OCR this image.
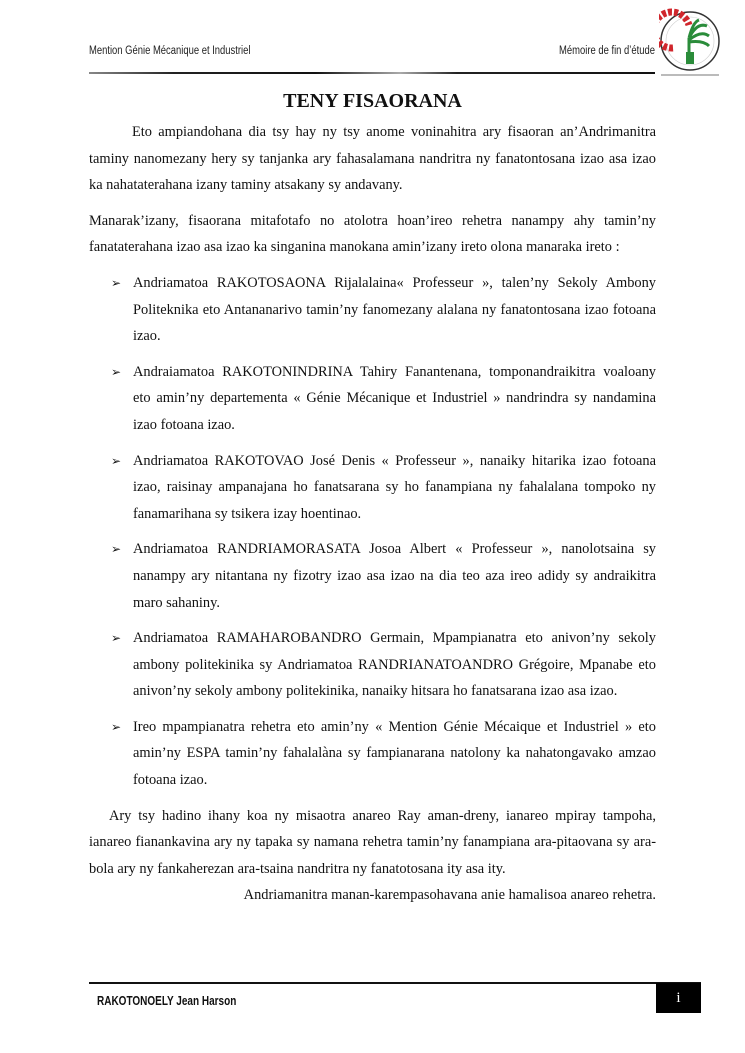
Mention Génie Mécanique et Industriel	Mémoire de fin d’étude
TENY FISAORANA

Eto ampiandohana dia tsy hay ny tsy anome voninahitra ary fisaoran an’Andrimanitra taminy nanomezany hery sy tanjanka ary fahasalamana nandritra ny fanatontosana izao asa izao ka nahataterahana izany taminy atsakany sy andavany.

Manarak’izany, fisaorana mitafotafo no atolotra hoan’ireo rehetra nanampy ahy tamin’ny fanataterahana izao asa izao ka singanina manokana amin’izany ireto olona manaraka ireto :

➢ Andriamatoa RAKOTOSAONA Rijalalaina« Professeur », talen’ny Sekoly Ambony Politeknika eto Antananarivo tamin’ny fanomezany alalana ny fanatontosana izao fotoana izao.
➢ Andraiamatoa RAKOTONINDRINA Tahiry Fanantenana, tomponandraikitra voaloany eto amin’ny departementa « Génie Mécanique et Industriel » nandrindra sy nandamina izao fotoana izao.
➢ Andriamatoa RAKOTOVAO José Denis « Professeur », nanaiky hitarika izao fotoana izao, raisinay ampanajana ho fanatsarana sy ho fanampiana ny fahalalana tompoko ny fanamarihana sy tsikera izay hoentinao.
➢ Andriamatoa RANDRIAMORASATA Josoa Albert « Professeur », nanolotsaina sy nanampy ary nitantana ny fizotry izao asa izao na dia teo aza ireo adidy sy andraikitra maro sahaniny.
➢ Andriamatoa RAMAHAROBANDRO Germain, Mpampianatra eto anivon’ny sekoly ambony politekinika sy Andriamatoa RANDRIANATOANDRO Grégoire, Mpanabe eto anivon’ny sekoly ambony politekinika, nanaiky hitsara ho fanatsarana izao asa izao.
➢ Ireo mpampianatra rehetra eto amin’ny « Mention Génie Mécaique et Industriel » eto amin’ny ESPA tamin’ny fahalalàna sy fampianarana natolony ka nahatongavako amzao fotoana izao.

Ary tsy hadino ihany koa ny misaotra anareo Ray aman-dreny, ianareo mpiray tampoha, ianareo fianankavina ary ny tapaka sy namana rehetra tamin’ny fanampiana ara-pitaovana sy ara-bola ary ny fankaherezan ara-tsaina nandritra ny fanatotosana ity asa ity.

Andriamanitra manan-karempasohavana anie hamalisoa anareo rehetra.
RAKOTONOELY Jean Harson	i
